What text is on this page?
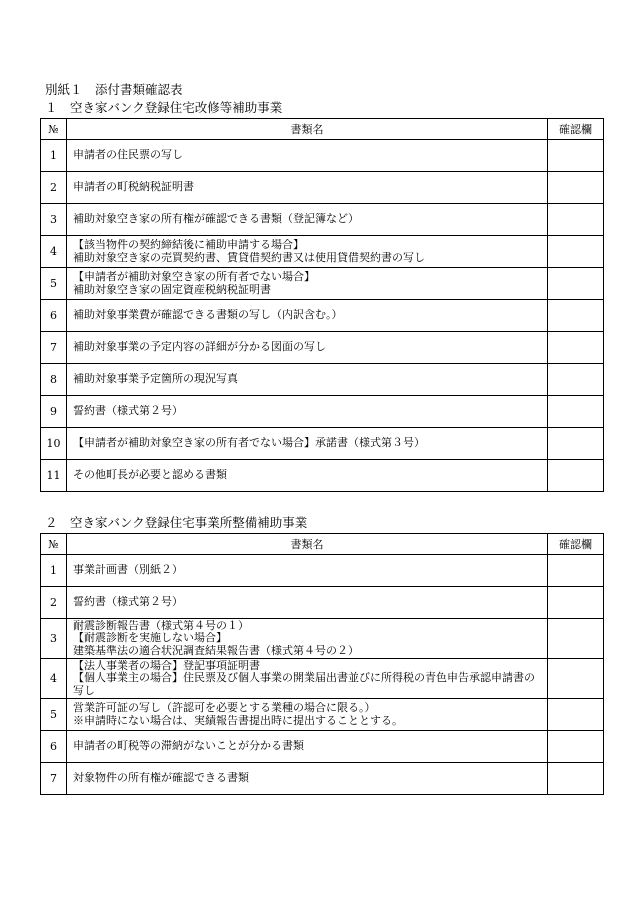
別紙１　添付書類確認表
１　空き家バンク登録住宅改修等補助事業
№	書類名	確認欄
1	申請者の住民票の写し	

2	申請者の町税納税証明書	

3	補助対象空き家の所有権が確認できる書類（登記簿など）	

4	【該当物件の契約締結後に補助申請する場合】
補助対象空き家の売買契約書、賃貸借契約書又は使用貸借契約書の写し	

5	【申請者が補助対象空き家の所有者でない場合】
補助対象空き家の固定資産税納税証明書	

6	補助対象事業費が確認できる書類の写し（内訳含む。）	

7	補助対象事業の予定内容の詳細が分かる図面の写し	

8	補助対象事業予定箇所の現況写真	

9	誓約書（様式第２号）	

10	【申請者が補助対象空き家の所有者でない場合】承諾書（様式第３号）	

11	その他町長が必要と認める書類	

２　空き家バンク登録住宅事業所整備補助事業
№	書類名	確認欄
1	事業計画書（別紙２）	

2	誓約書（様式第２号）	

3	耐震診断報告書（様式第４号の１）
【耐震診断を実施しない場合】
建築基準法の適合状況調査結果報告書（様式第４号の２）	

4	【法人事業者の場合】登記事項証明書
【個人事業主の場合】住民票及び個人事業の開業届出書並びに所得税の青色申告承認申請書の写し	

5	営業許可証の写し（許認可を必要とする業種の場合に限る。）
※申請時にない場合は、実績報告書提出時に提出することとする。	

6	申請者の町税等の滞納がないことが分かる書類	

7	対象物件の所有権が確認できる書類	
